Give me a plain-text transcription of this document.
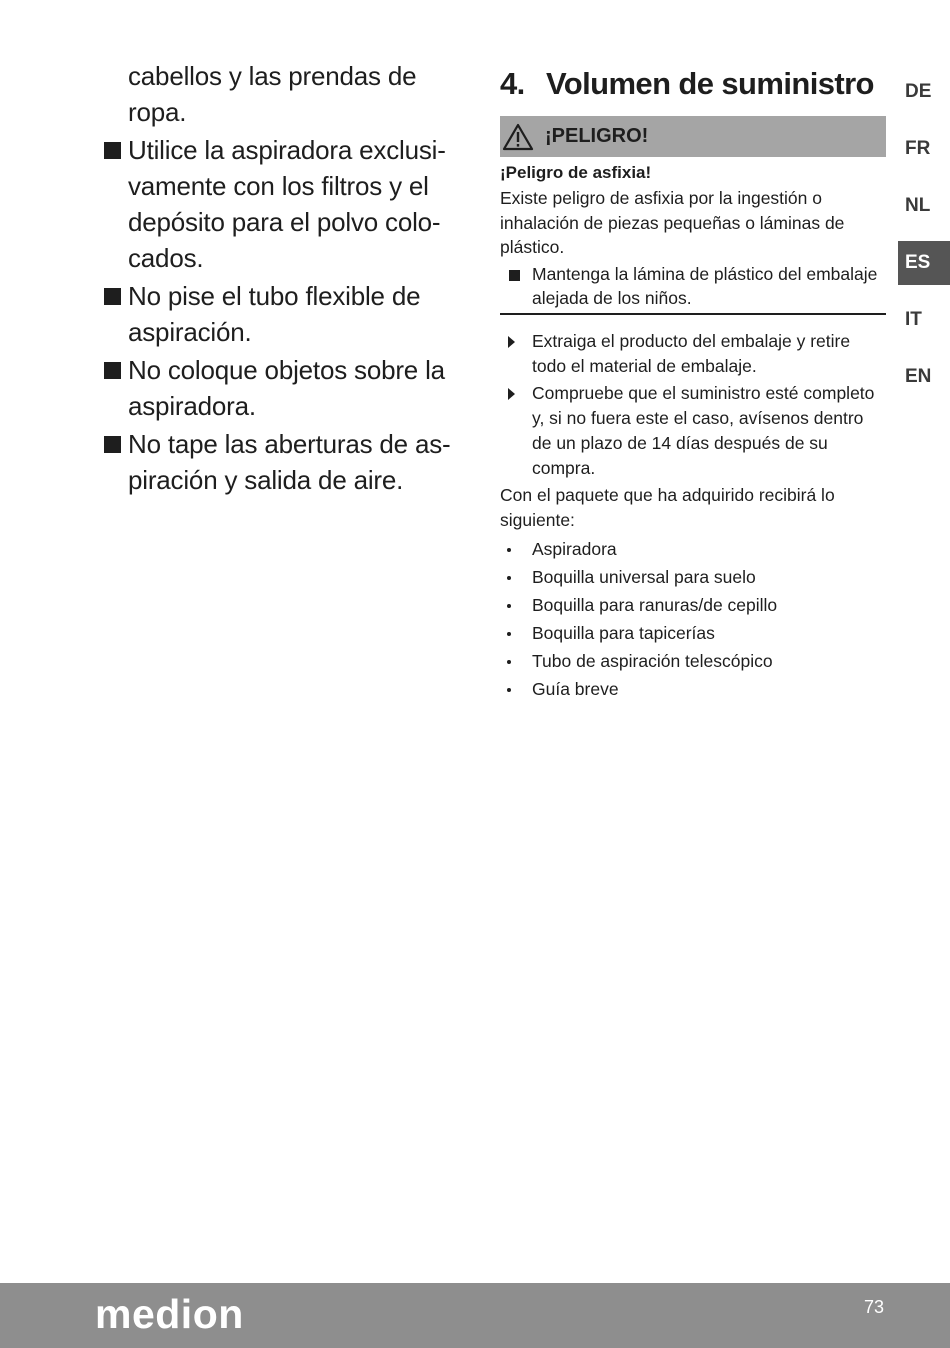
cabellos y las prendas de ropa.

Utilice la aspiradora exclusivamente con los filtros y el depósito para el polvo colocados.
No pise el tubo flexible de aspiración.
No coloque objetos sobre la aspiradora.
No tape las aberturas de aspiración y salida de aire.
4. Volumen de suministro
¡PELIGRO!

¡Peligro de asfixia!

Existe peligro de asfixia por la ingestión o inhalación de piezas pequeñas o láminas de plástico.

Mantenga la lámina de plástico del embalaje alejada de los niños.
Extraiga el producto del embalaje y retire todo el material de embalaje.
Compruebe que el suministro esté completo y, si no fuera este el caso, avísenos dentro de un plazo de 14 días después de su compra.

Con el paquete que ha adquirido recibirá lo siguiente:

Aspiradora
Boquilla universal para suelo
Boquilla para ranuras/de cepillo
Boquilla para tapicerías
Tubo de aspiración telescópico
Guía breve
DE
FR
NL
ES
IT
EN
medion	73
